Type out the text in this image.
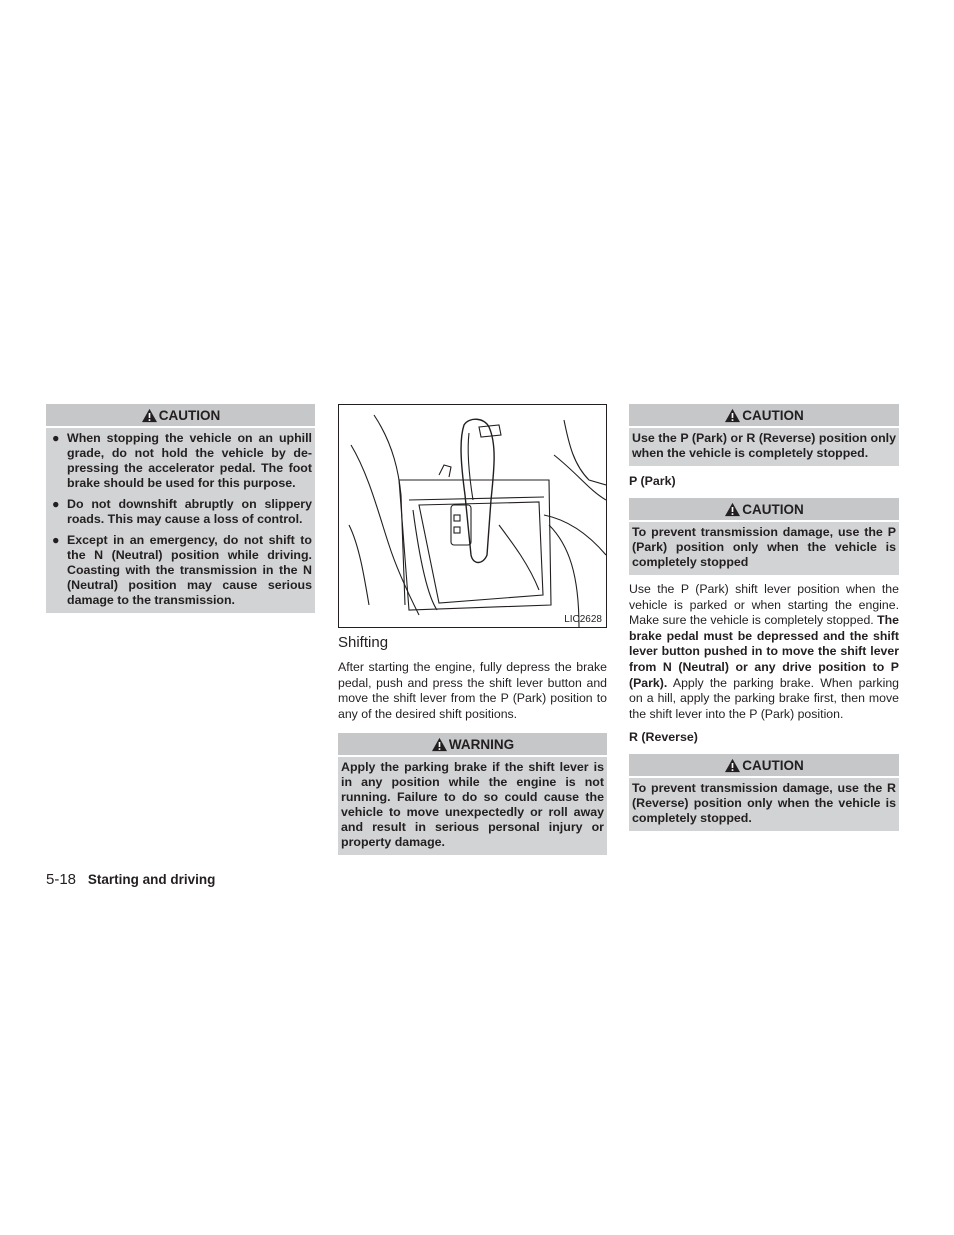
CAUTION
● When stopping the vehicle on an uphill grade, do not hold the vehicle by de-pressing the accelerator pedal. The foot brake should be used for this purpose.
● Do not downshift abruptly on slippery roads. This may cause a loss of control.
● Except in an emergency, do not shift to the N (Neutral) position while driving. Coasting with the transmission in the N (Neutral) position may cause serious damage to the transmission.
LIC2628
Shifting

After starting the engine, fully depress the brake pedal, push and press the shift lever button and move the shift lever from the P (Park) position to any of the desired shift positions.

WARNING
Apply the parking brake if the shift lever is in any position while the engine is not running. Failure to do so could cause the vehicle to move unexpectedly or roll away and result in serious personal injury or property damage.
CAUTION
Use the P (Park) or R (Reverse) position only when the vehicle is completely stopped.
P (Park)
CAUTION
To prevent transmission damage, use the P (Park) position only when the vehicle is completely stopped

Use the P (Park) shift lever position when the vehicle is parked or when starting the engine. Make sure the vehicle is completely stopped. The brake pedal must be depressed and the shift lever button pushed in to move the shift lever from N (Neutral) or any drive position to P (Park). Apply the parking brake. When parking on a hill, apply the parking brake first, then move the shift lever into the P (Park) position.

R (Reverse)
CAUTION
To prevent transmission damage, use the R (Reverse) position only when the vehicle is completely stopped.
5-18 Starting and driving
